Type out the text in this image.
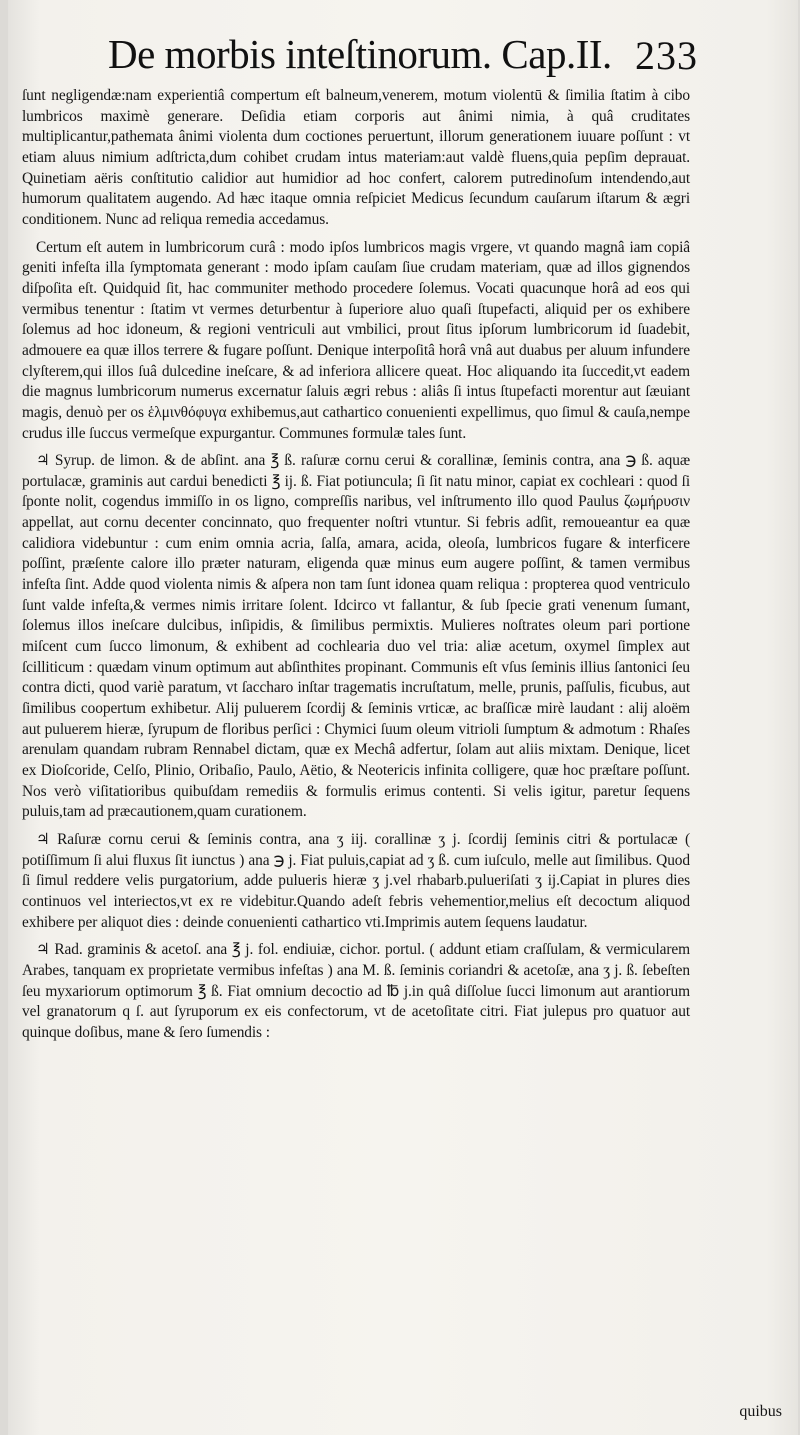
De morbis inteſtinorum. Cap.II. 233

ſunt negligendæ:nam experientiâ compertum eſt balneum,venerem, motum violentū & ſimilia ſtatim à cibo lumbricos maximè generare. Deſidia etiam corporis aut ânimi nimia, à quâ cruditates multiplicantur,pathemata ânimi violenta dum coctiones peruertunt, illorum generationem iuuare poſſunt : vt etiam aluus nimium adſtricta,dum cohibet crudam intus materiam:aut valdè fluens,quia pepſim deprauat. Quinetiam aëris conſtitutio calidior aut humidior ad hoc confert, calorem putredinoſum intendendo,aut humorum qualitatem augendo. Ad hæc itaque omnia reſpiciet Medicus ſecundum cauſarum iſtarum & ægri conditionem. Nunc ad reliqua remedia accedamus.

Certum eſt autem in lumbricorum curâ : modo ipſos lumbricos magis vrgere, vt quando magnâ iam copiâ geniti infeſta illa ſymptomata generant : modo ipſam cauſam ſiue crudam materiam, quæ ad illos gignendos diſpoſita eſt. Quidquid ſit, hac communiter methodo procedere ſolemus. Vocati quacunque horâ ad eos qui vermibus tenentur : ſtatim vt vermes deturbentur à ſuperiore aluo quaſi ſtupefacti, aliquid per os exhibere ſolemus ad hoc idoneum, & regioni ventriculi aut vmbilici, prout ſitus ipſorum lumbricorum id ſuadebit, admouere ea quæ illos terrere & fugare poſſunt. Denique interpoſitâ horâ vnâ aut duabus per aluum infundere clyſterem,qui illos ſuâ dulcedine ineſcare, & ad inferiora allicere queat. Hoc aliquando ita ſuccedit,vt eadem die magnus lumbricorum numerus excernatur ſaluis ægri rebus : aliâs ſi intus ſtupefacti morentur aut ſæuiant magis, denuò per os ἑλμινθόφυγα exhibemus,aut cathartico conuenienti expellimus, quo ſimul & cauſa,nempe crudus ille ſuccus vermeſque expurgantur. Communes formulæ tales ſunt.

♃ Syrup. de limon. & de abſint. ana ℥ ß. raſuræ cornu cerui & corallinæ, ſeminis contra, ana ℈ ß. aquæ portulacæ, graminis aut cardui benedicti ℥ ij. ß. Fiat potiuncula; ſi ſit natu minor, capiat ex cochleari : quod ſi ſponte nolit, cogendus immiſſo in os ligno, compreſſis naribus, vel inſtrumento illo quod Paulus ζωμήρυσιν appellat, aut cornu decenter concinnato, quo frequenter noſtri vtuntur. Si febris adſit, remoueantur ea quæ calidiora videbuntur : cum enim omnia acria, ſalſa, amara, acida, oleoſa, lumbricos fugare & interficere poſſint, præſente calore illo præter naturam, eligenda quæ minus eum augere poſſint, & tamen vermibus infeſta ſint. Adde quod violenta nimis & aſpera non tam ſunt idonea quam reliqua : propterea quod ventriculo ſunt valde infeſta,& vermes nimis irritare ſolent. Idcirco vt fallantur, & ſub ſpecie grati venenum ſumant, ſolemus illos ineſcare dulcibus, inſipidis, & ſimilibus permixtis. Mulieres noſtrates oleum pari portione miſcent cum ſucco limonum, & exhibent ad cochlearia duo vel tria: aliæ acetum, oxymel ſimplex aut ſcilliticum : quædam vinum optimum aut abſinthites propinant. Communis eſt vſus ſeminis illius ſantonici ſeu contra dicti, quod variè paratum, vt ſaccharo inſtar tragematis incruſtatum, melle, prunis, paſſulis, ficubus, aut ſimilibus coopertum exhibetur. Alij puluerem ſcordij & ſeminis vrticæ, ac braſſicæ mirè laudant : alij aloëm aut puluerem hieræ, ſyrupum de floribus perſici : Chymici ſuum oleum vitrioli ſumptum & admotum : Rhaſes arenulam quandam rubram Rennabel dictam, quæ ex Mechâ adfertur, ſolam aut aliis mixtam. Denique, licet ex Dioſcoride, Celſo, Plinio, Oribaſio, Paulo, Aëtio, & Neotericis infinita colligere, quæ hoc præſtare poſſunt. Nos verò viſitatioribus quibuſdam remediis & formulis erimus contenti. Si velis igitur, paretur ſequens puluis,tam ad præcautionem,quam curationem.

♃ Raſuræ cornu cerui & ſeminis contra, ana ʒ iij. corallinæ ʒ j. ſcordij ſeminis citri & portulacæ ( potiſſimum ſi alui fluxus ſit iunctus ) ana ℈ j. Fiat puluis,capiat ad ʒ ß. cum iuſculo, melle aut ſimilibus. Quod ſi ſimul reddere velis purgatorium, adde pulueris hieræ ʒ j.vel rhabarb.pulueriſati ʒ ij.Capiat in plures dies continuos vel interiectos,vt ex re videbitur.Quando adeſt febris vehementior,melius eſt decoctum aliquod exhibere per aliquot dies : deinde conuenienti cathartico vti.Imprimis autem ſequens laudatur.

♃ Rad. graminis & acetoſ. ana ℥ j. fol. endiuiæ, cichor. portul. ( addunt etiam craſſulam, & vermicularem Arabes, tanquam ex proprietate vermibus infeſtas ) ana M. ß. ſeminis coriandri & acetoſæ, ana ʒ j. ß. ſebeſten ſeu myxariorum optimorum ℥ ß. Fiat omnium decoctio ad ℔ j.in quâ diſſolue ſucci limonum aut arantiorum vel granatorum q ſ. aut ſyruporum ex eis confectorum, vt de acetoſitate citri. Fiat julepus pro quatuor aut quinque doſibus, mane & ſero ſumendis :

quibus
